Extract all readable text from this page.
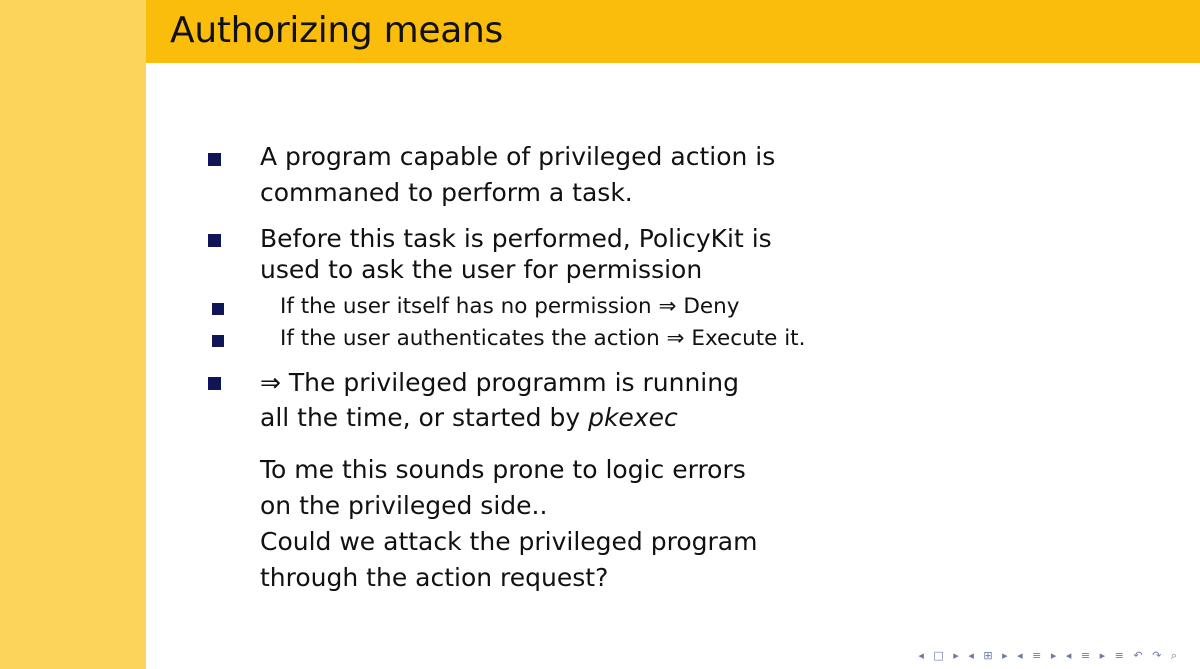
Authorizing means
A program capable of privileged action is
commaned to perform a task.
Before this task is performed, PolicyKit is
used to ask the user for permission
If the user itself has no permission ⇒ Deny
If the user authenticates the action ⇒ Execute it.
⇒ The privileged programm is running
all the time, or started by pkexec
To me this sounds prone to logic errors
on the privileged side..
Could we attack the privileged program
through the action request?
◂ □ ▸ ◂ ⊞ ▸ ◂ ≡ ▸ ◂ ≡ ▸ ≡ ↶ ↷ ⌕
